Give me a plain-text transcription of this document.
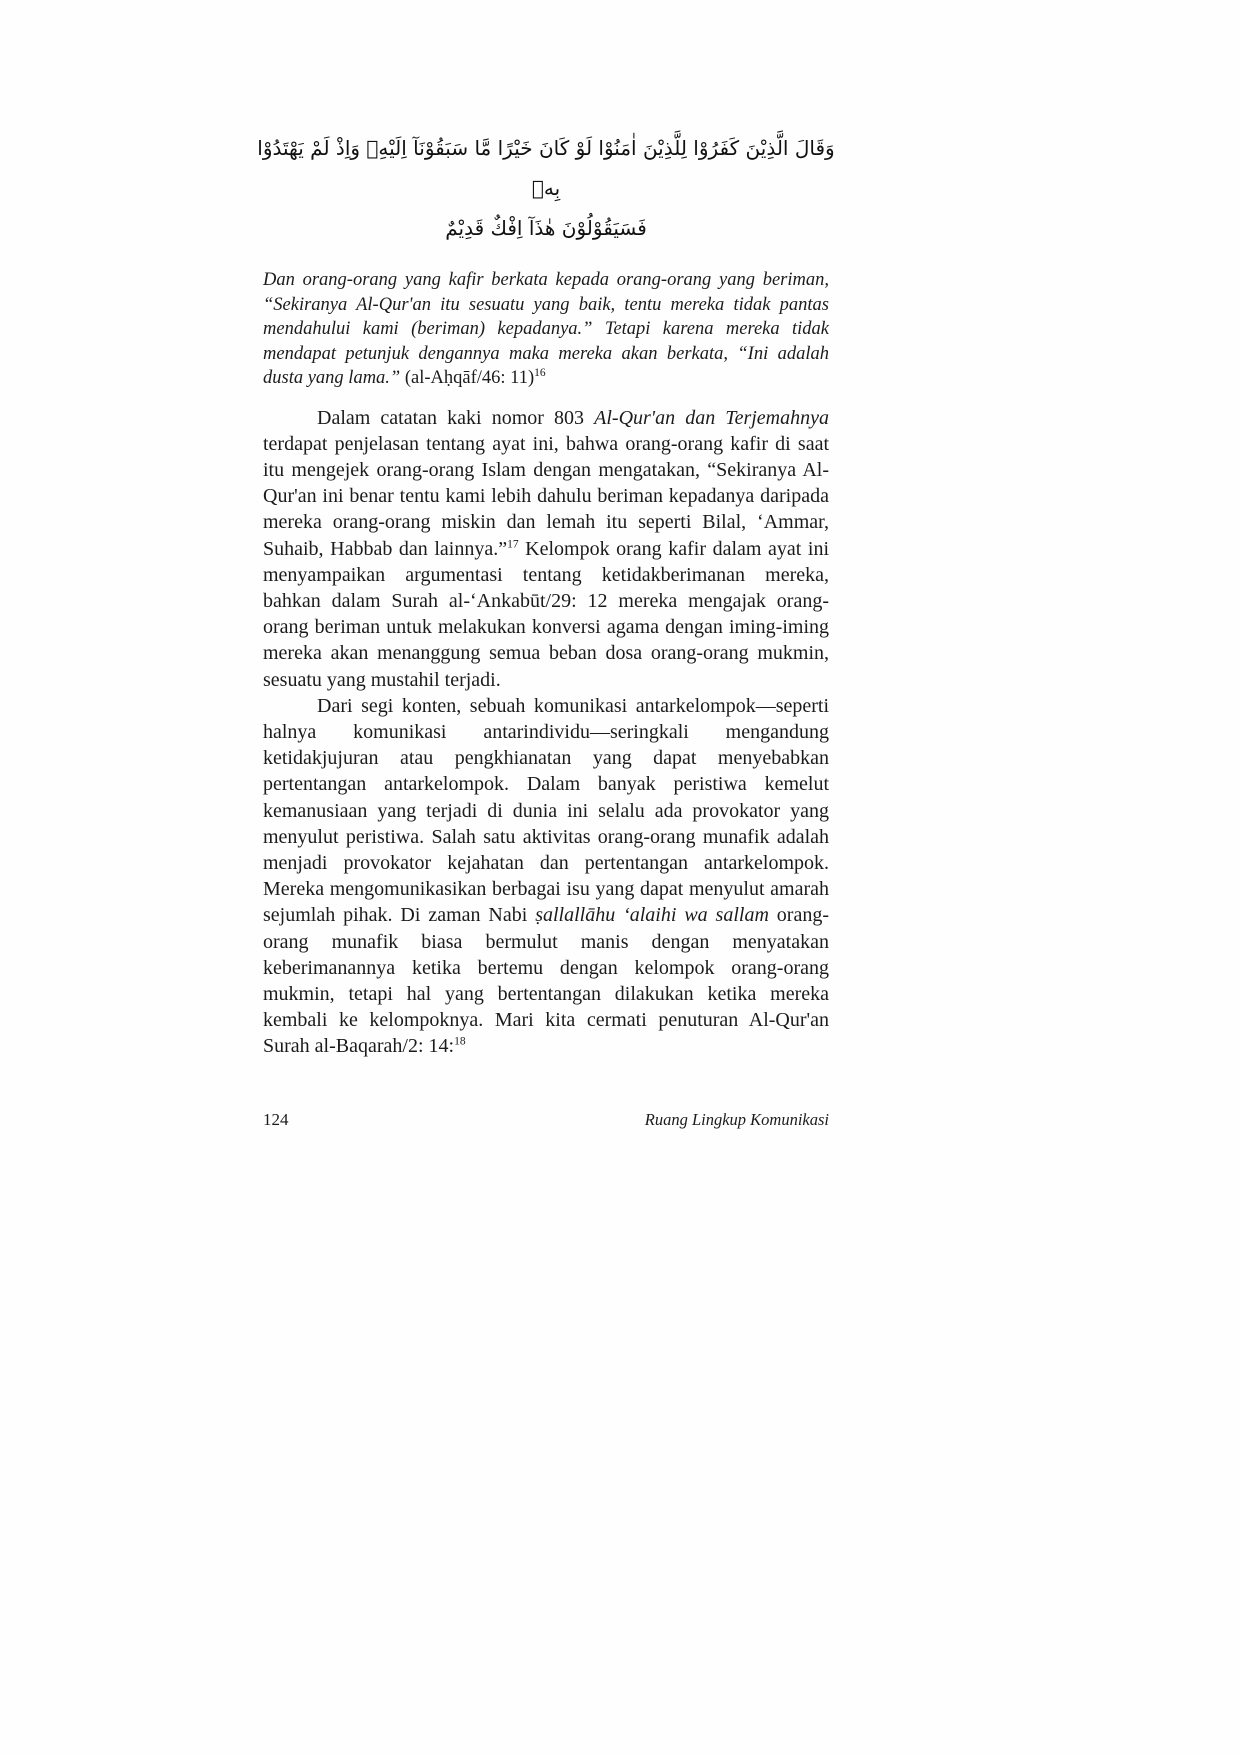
وَقَالَ الَّذِيْنَ كَفَرُوْا لِلَّذِيْنَ اٰمَنُوْا لَوْ كَانَ خَيْرًا مَّا سَبَقُوْنَآ اِلَيْهِۗ وَاِذْ لَمْ يَهْتَدُوْا بِهٖ
فَسَيَقُوْلُوْنَ هٰذَآ اِفْكٌ قَدِيْمٌ

Dan orang-orang yang kafir berkata kepada orang-orang yang beriman, “Sekiranya Al-Qur'an itu sesuatu yang baik, tentu mereka tidak pantas mendahului kami (beriman) kepadanya.” Tetapi karena mereka tidak mendapat petunjuk dengannya maka mereka akan berkata, “Ini adalah dusta yang lama.” (al-Aḥqāf/46: 11)$^{16}$

Dalam catatan kaki nomor 803 Al-Qur'an dan Terjemahnya terdapat penjelasan tentang ayat ini, bahwa orang-orang kafir di saat itu mengejek orang-orang Islam dengan mengatakan, “Sekiranya Al-Qur'an ini benar tentu kami lebih dahulu beriman kepadanya daripada mereka orang-orang miskin dan lemah itu seperti Bilal, ‘Ammar, Suhaib, Habbab dan lainnya.”$^{17}$ Kelompok orang kafir dalam ayat ini menyampaikan argumentasi tentang ketidakberimanan mereka, bahkan dalam Surah al-‘Ankabūt/29: 12 mereka mengajak orang-orang beriman untuk melakukan konversi agama dengan iming-iming mereka akan menanggung semua beban dosa orang-orang mukmin, sesuatu yang mustahil terjadi.

Dari segi konten, sebuah komunikasi antarkelompok—seperti halnya komunikasi antarindividu—seringkali mengandung ketidakjujuran atau pengkhianatan yang dapat menyebabkan pertentangan antarkelompok. Dalam banyak peristiwa kemelut kemanusiaan yang terjadi di dunia ini selalu ada provokator yang menyulut peristiwa. Salah satu aktivitas orang-orang munafik adalah menjadi provokator kejahatan dan pertentangan antarkelompok. Mereka mengomunikasikan berbagai isu yang dapat menyulut amarah sejumlah pihak. Di zaman Nabi ṣallallāhu ‘alaihi wa sallam orang-orang munafik biasa bermulut manis dengan menyatakan keberimanannya ketika bertemu dengan kelompok orang-orang mukmin, tetapi hal yang bertentangan dilakukan ketika mereka kembali ke kelompoknya. Mari kita cermati penuturan Al-Qur'an Surah al-Baqarah/2: 14:$^{18}$

124	Ruang Lingkup Komunikasi
